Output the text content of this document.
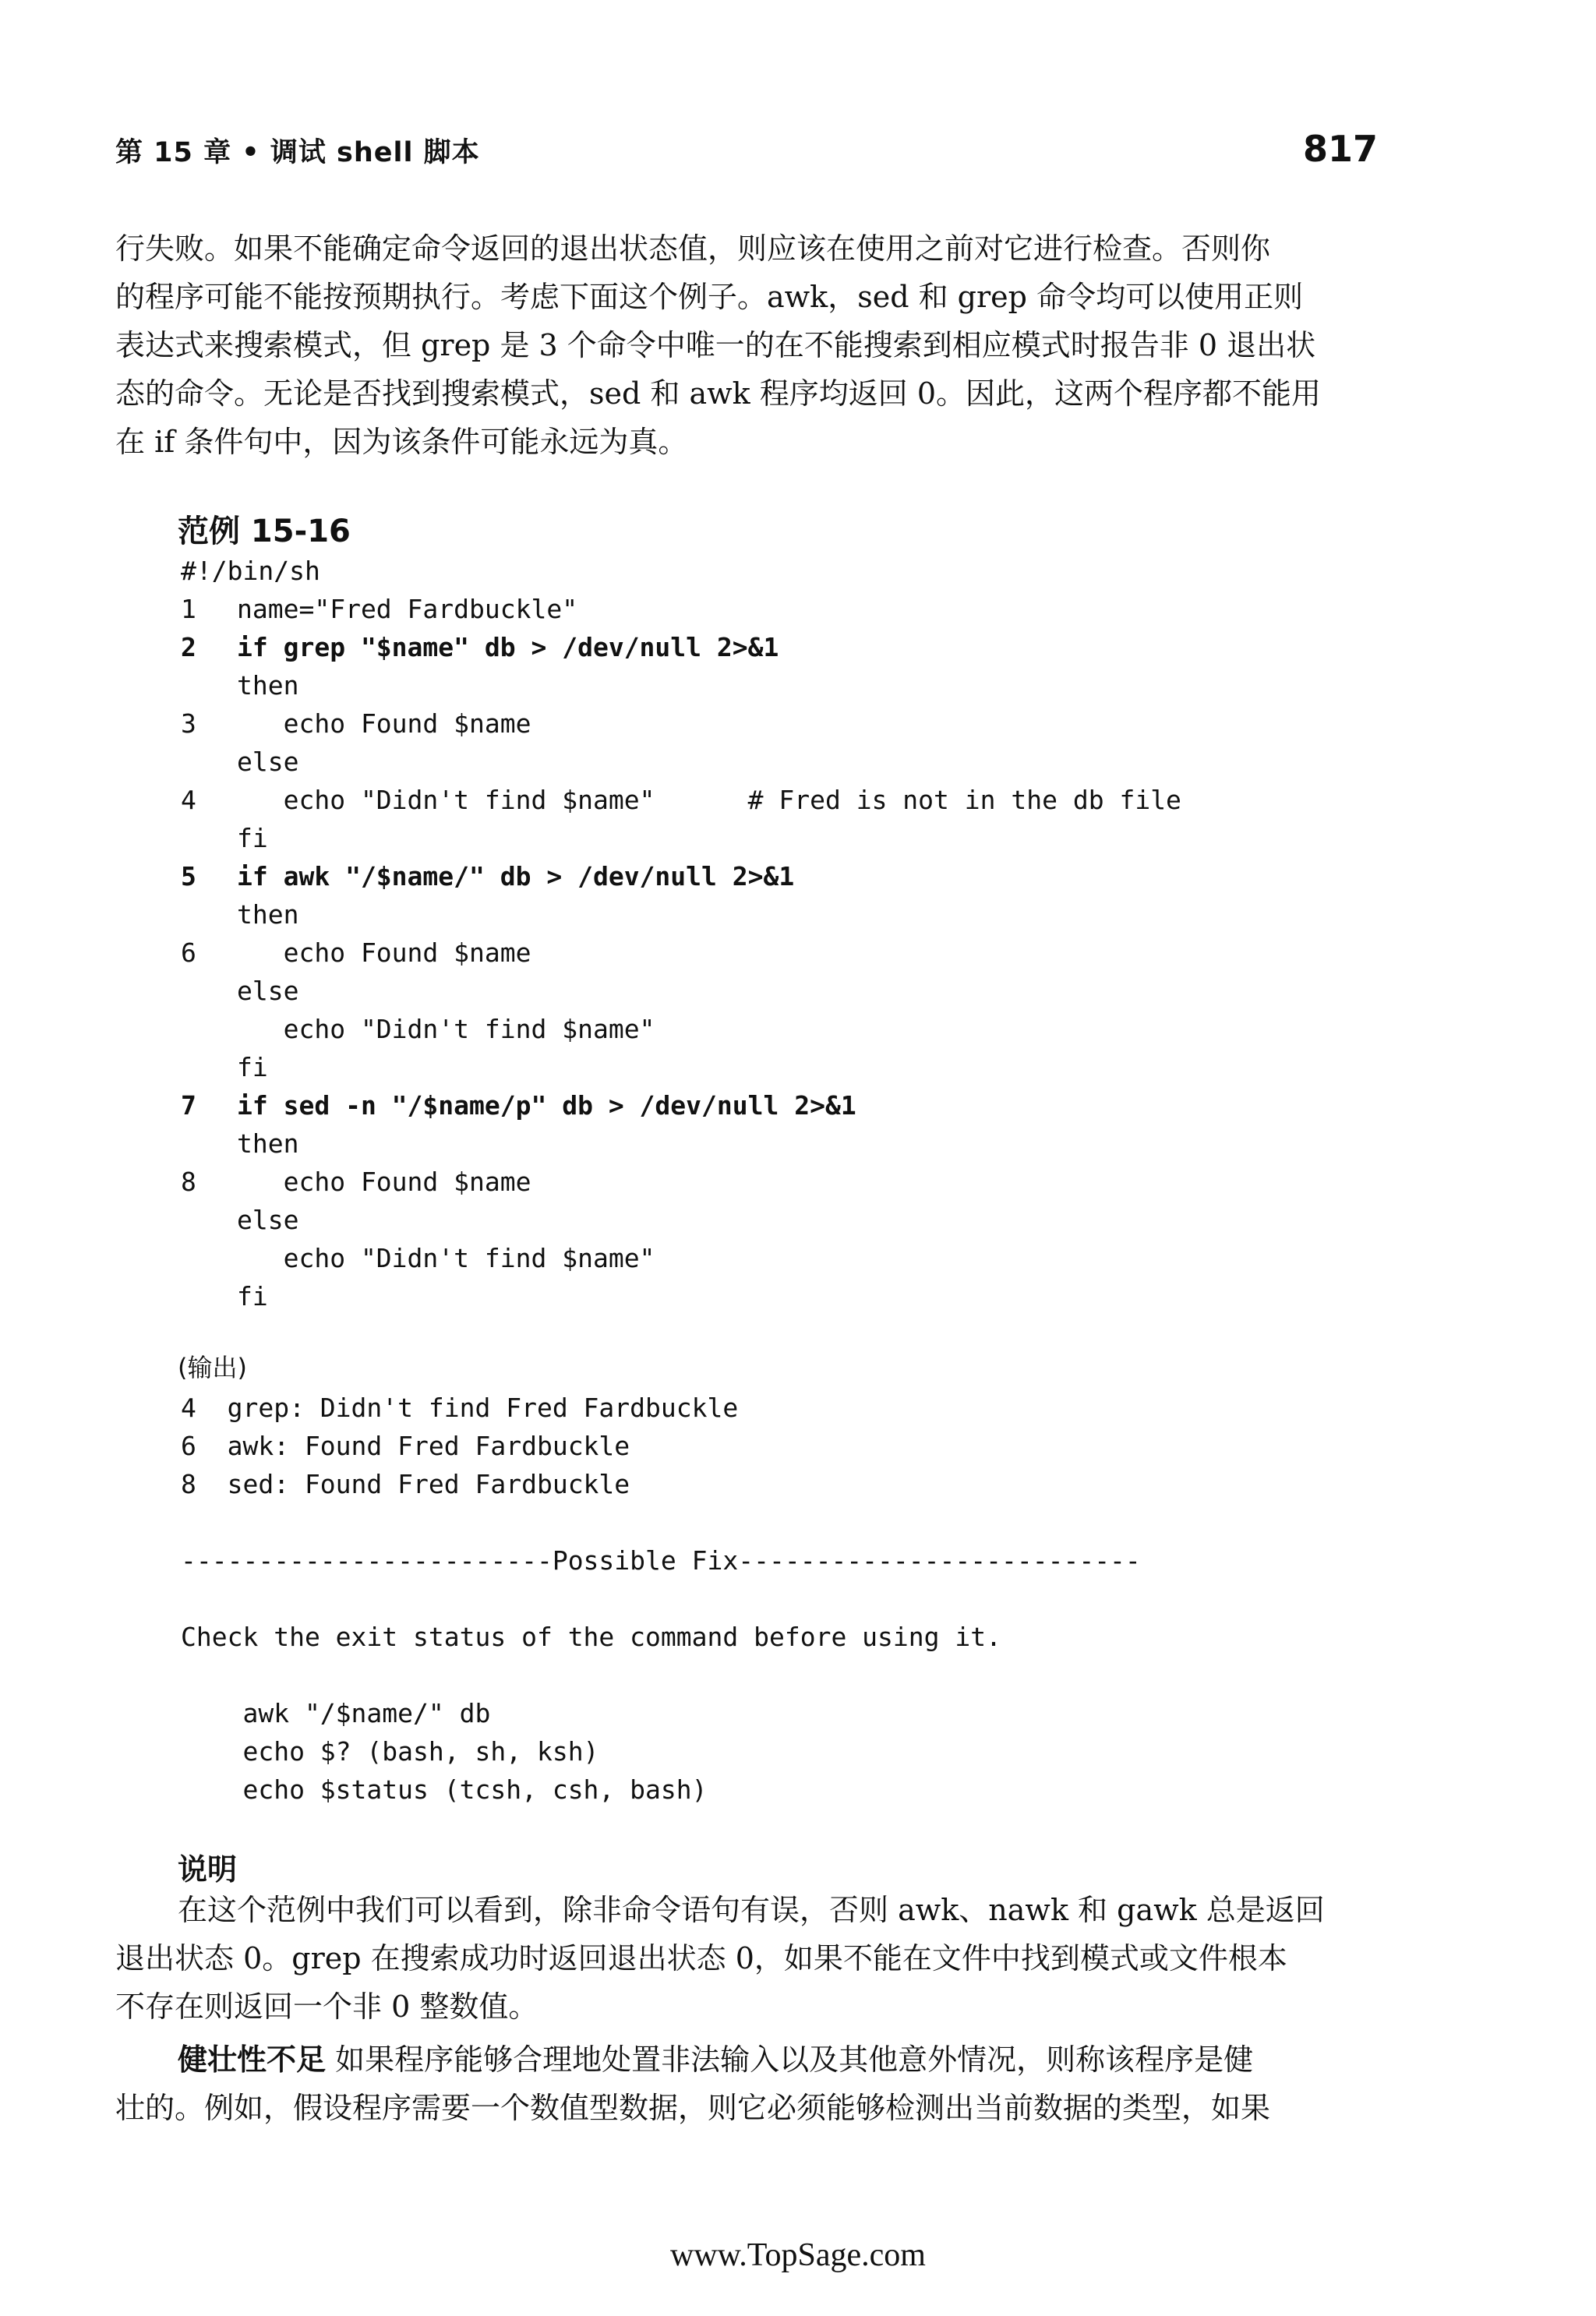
第 15 章 • 调试 shell 脚本	817
行失败。如果不能确定命令返回的退出状态值，则应该在使用之前对它进行检查。否则你
的程序可能不能按预期执行。考虑下面这个例子。awk，sed 和 grep 命令均可以使用正则
表达式来搜索模式，但 grep 是 3 个命令中唯一的在不能搜索到相应模式时报告非 0 退出状
态的命令。无论是否找到搜索模式，sed 和 awk 程序均返回 0。因此，这两个程序都不能用
在 if 条件句中，因为该条件可能永远为真。
范例 15-16
#!/bin/sh
1 name="Fred Fardbuckle"
2 if grep "$name" db > /dev/null 2>&1
then
3   echo Found $name
else
4   echo "Didn't find $name"      # Fred is not in the db file
fi
5 if awk "/$name/" db > /dev/null 2>&1
then
6   echo Found $name
else
echo "Didn't find $name"
fi
7 if sed -n "/$name/p" db > /dev/null 2>&1
then
8   echo Found $name
else
echo "Didn't find $name"
fi
(输出)
4  grep: Didn't find Fred Fardbuckle
6  awk: Found Fred Fardbuckle
8  sed: Found Fred Fardbuckle
------------------------Possible Fix--------------------------
Check the exit status of the command before using it.
awk "/$name/" db
echo $? (bash, sh, ksh)
echo $status (tcsh, csh, bash)
说明
在这个范例中我们可以看到，除非命令语句有误，否则 awk、nawk 和 gawk 总是返回
退出状态 0。grep 在搜索成功时返回退出状态 0，如果不能在文件中找到模式或文件根本
不存在则返回一个非 0 整数值。
健壮性不足 如果程序能够合理地处置非法输入以及其他意外情况，则称该程序是健
壮的。例如，假设程序需要一个数值型数据，则它必须能够检测出当前数据的类型，如果
www.TopSage.com
